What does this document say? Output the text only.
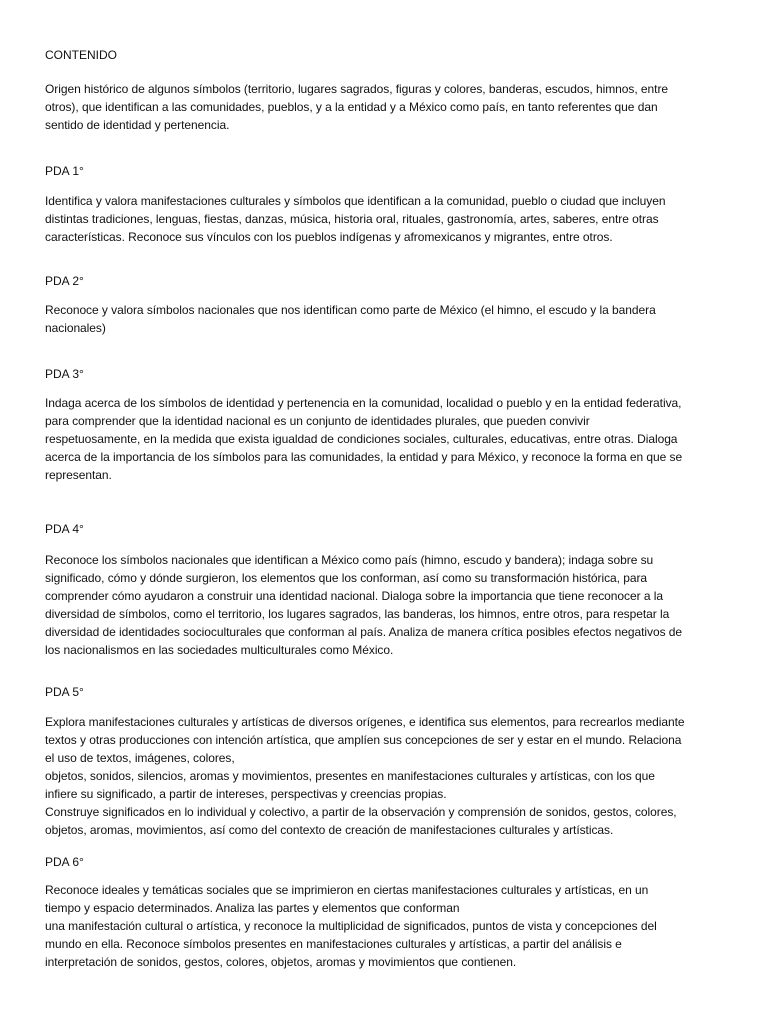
CONTENIDO
Origen histórico de algunos símbolos (territorio, lugares sagrados, figuras y colores, banderas, escudos, himnos, entre
otros), que identifican a las comunidades, pueblos, y a la entidad y a México como país, en tanto referentes que dan
sentido de identidad y pertenencia.
PDA 1°
Identifica y valora manifestaciones culturales y símbolos que identifican a la comunidad, pueblo o ciudad que incluyen
distintas tradiciones, lenguas, fiestas, danzas, música, historia oral, rituales, gastronomía, artes, saberes, entre otras
características. Reconoce sus vínculos con los pueblos indígenas y afromexicanos y migrantes, entre otros.
PDA 2°
Reconoce y valora símbolos nacionales que nos identifican como parte de México (el himno, el escudo y la bandera
nacionales)
PDA 3°
Indaga acerca de los símbolos de identidad y pertenencia en la comunidad, localidad o pueblo y en la entidad federativa,
para comprender que la identidad nacional es un conjunto de identidades plurales, que pueden convivir
respetuosamente, en la medida que exista igualdad de condiciones sociales, culturales, educativas, entre otras. Dialoga
acerca de la importancia de los símbolos para las comunidades, la entidad y para México, y reconoce la forma en que se
representan.
PDA 4°
Reconoce los símbolos nacionales que identifican a México como país (himno, escudo y bandera); indaga sobre su
significado, cómo y dónde surgieron, los elementos que los conforman, así como su transformación histórica, para
comprender cómo ayudaron a construir una identidad nacional. Dialoga sobre la importancia que tiene reconocer a la
diversidad de símbolos, como el territorio, los lugares sagrados, las banderas, los himnos, entre otros, para respetar la
diversidad de identidades socioculturales que conforman al país. Analiza de manera crítica posibles efectos negativos de
los nacionalismos en las sociedades multiculturales como México.
PDA 5°
Explora manifestaciones culturales y artísticas de diversos orígenes, e identifica sus elementos, para recrearlos mediante
textos y otras producciones con intención artística, que amplíen sus concepciones de ser y estar en el mundo. Relaciona
el uso de textos, imágenes, colores,
objetos, sonidos, silencios, aromas y movimientos, presentes en manifestaciones culturales y artísticas, con los que
infiere su significado, a partir de intereses, perspectivas y creencias propias.
Construye significados en lo individual y colectivo, a partir de la observación y comprensión de sonidos, gestos, colores,
objetos, aromas, movimientos, así como del contexto de creación de manifestaciones culturales y artísticas.
PDA 6°
Reconoce ideales y temáticas sociales que se imprimieron en ciertas manifestaciones culturales y artísticas, en un
tiempo y espacio determinados. Analiza las partes y elementos que conforman
una manifestación cultural o artística, y reconoce la multiplicidad de significados, puntos de vista y concepciones del
mundo en ella. Reconoce símbolos presentes en manifestaciones culturales y artísticas, a partir del análisis e
interpretación de sonidos, gestos, colores, objetos, aromas y movimientos que contienen.
